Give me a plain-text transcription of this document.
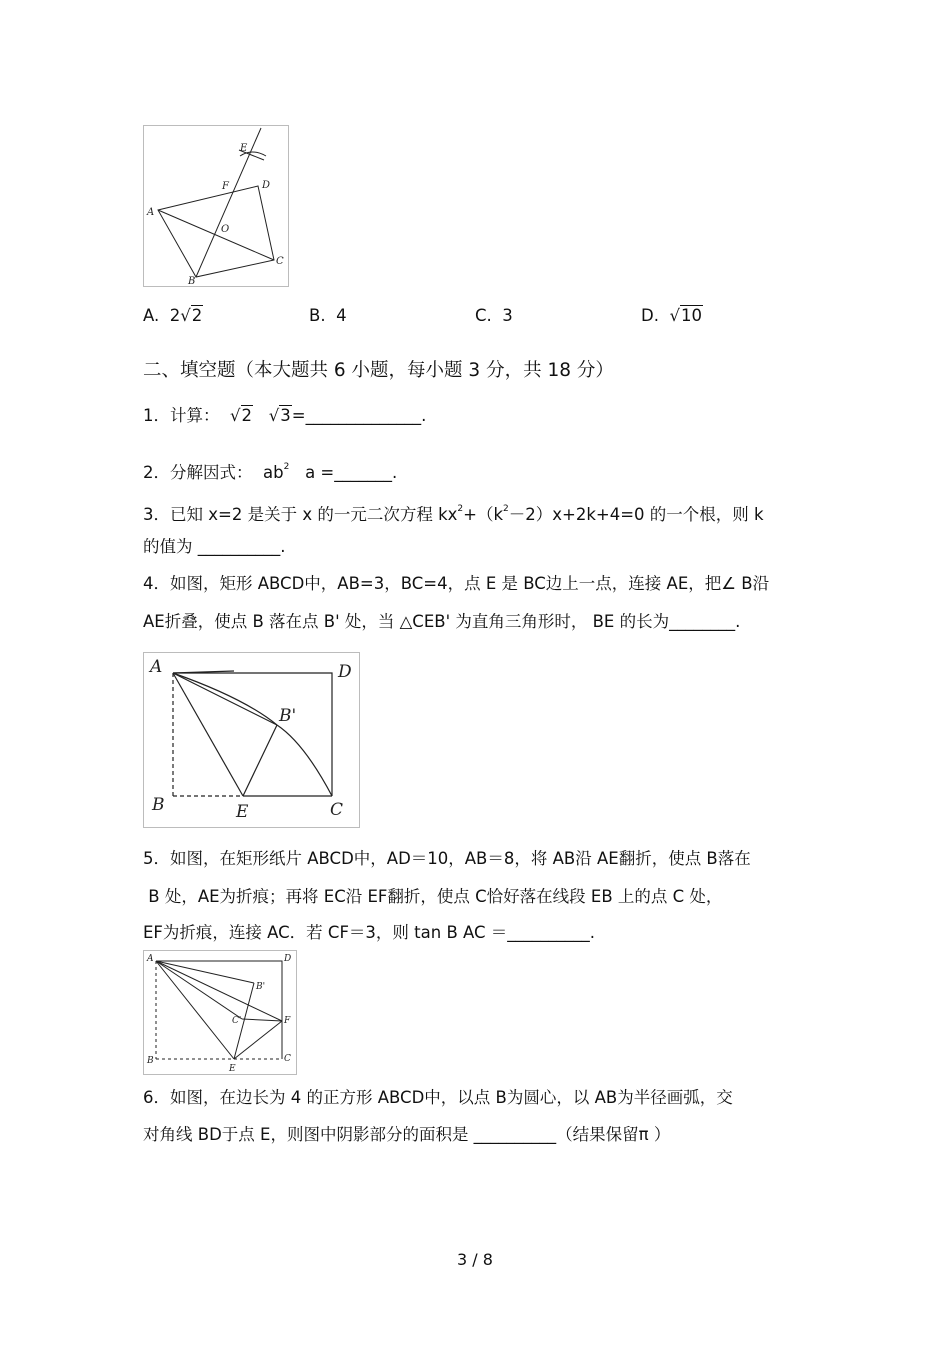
E
F	D
A
O
B
C
A. 2√2	B. 4	C. 3	D. √10
二、填空题（本大题共 6 小题，每小题 3 分，共 18 分）
1．计算： √2 √3=______________.
2．分解因式： $ab^2$ a =_______.
3．已知 x=2 是关于 x 的一元二次方程 $kx^2+(k^2-2)x+2k+4=0$ 的一个根，则 k
的值为 __________.
4．如图，矩形 ABCD中，AB=3，BC=4，点 E 是 BC边上一点，连接 AE，把∠ B沿
AE折叠，使点 B 落在点 B' 处，当 △CEB' 为直角三角形时， BE 的长为________.
A	D
B'
B	E	C
5．如图，在矩形纸片 ABCD中，AD＝10，AB＝8，将 AB沿 AE翻折，使点 B落在
B 处，AE为折痕；再将 EC沿 EF翻折，使点 C恰好落在线段 EB 上的点 C 处，
EF为折痕，连接 AC．若 CF＝3，则 tan B AC ＝__________.
A	D
B'
C'	F
B
E
C
6．如图，在边长为 4 的正方形 ABCD中，以点 B为圆心，以 AB为半径画弧，交
对角线 BD于点 E，则图中阴影部分的面积是 __________（结果保留π ）
3 / 8
